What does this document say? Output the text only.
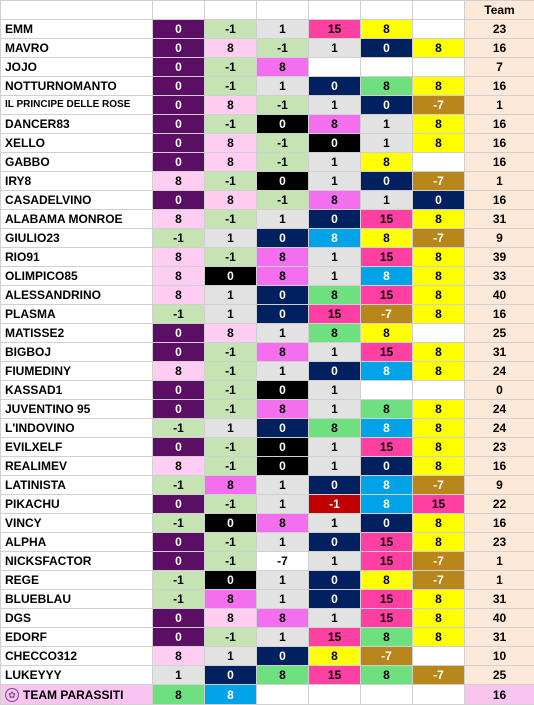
							Team
EMM	0	-1	1	15	8		23
MAVRO	0	8	-1	1	0	8	16
JOJO	0	-1	8				7
NOTTURNOMANTO	0	-1	1	0	8	8	16
IL PRINCIPE DELLE ROSE	0	8	-1	1	0	-7	1
DANCER83	0	-1	0	8	1	8	16
XELLO	0	8	-1	0	1	8	16
GABBO	0	8	-1	1	8		16
IRY8	8	-1	0	1	0	-7	1
CASADELVINO	0	8	-1	8	1	0	16
ALABAMA MONROE	8	-1	1	0	15	8	31
GIULIO23	-1	1	0	8	8	-7	9
RIO91	8	-1	8	1	15	8	39
OLIMPICO85	8	0	8	1	8	8	33
ALESSANDRINO	8	1	0	8	15	8	40
PLASMA	-1	1	0	15	-7	8	16
MATISSE2	0	8	1	8	8		25
BIGBOJ	0	-1	8	1	15	8	31
FIUMEDINY	8	-1	1	0	8	8	24
KASSAD1	0	-1	0	1			0
JUVENTINO 95	0	-1	8	1	8	8	24
L'INDOVINO	-1	1	0	8	8	8	24
EVILXELF	0	-1	0	1	15	8	23
REALIMEV	8	-1	0	1	0	8	16
LATINISTA	-1	8	1	0	8	-7	9
PIKACHU	0	-1	1	-1	8	15	22
VINCY	-1	0	8	1	0	8	16
ALPHA	0	-1	1	0	15	8	23
NICKSFACTOR	0	-1	-7	1	15	-7	1
REGE	-1	0	1	0	8	-7	1
BLUEBLAU	-1	8	1	0	15	8	31
DGS	0	8	8	1	15	8	40
EDORF	0	-1	1	15	8	8	31
CHECCO312	8	1	0	8	-7		10
LUKEYYY	1	0	8	15	8	-7	25

✿ TEAM PARASSITI	8	8					16
